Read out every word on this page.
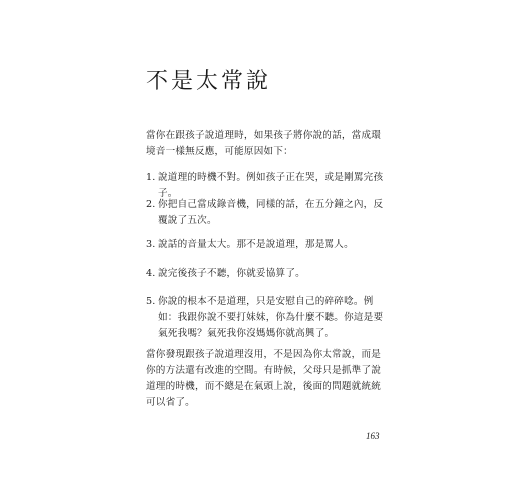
不是太常說

當你在跟孩子說道理時，如果孩子將你說的話，當成環境音一樣無反應，可能原因如下：

1. 說道理的時機不對。例如孩子正在哭，或是剛罵完孩子。
2. 你把自己當成錄音機，同樣的話，在五分鐘之內，反覆說了五次。
3. 說話的音量太大。那不是說道理，那是罵人。
4. 說完後孩子不聽，你就妥協算了。
5. 你說的根本不是道理，只是安慰自己的碎碎唸。例如：我跟你說不要打妹妹，你為什麼不聽。你這是要氣死我嗎？氣死我你沒媽媽你就高興了。

當你發現跟孩子說道理沒用，不是因為你太常說，而是你的方法還有改進的空間。有時候，父母只是抓準了說道理的時機，而不總是在氣頭上說，後面的問題就統統可以省了。

163
